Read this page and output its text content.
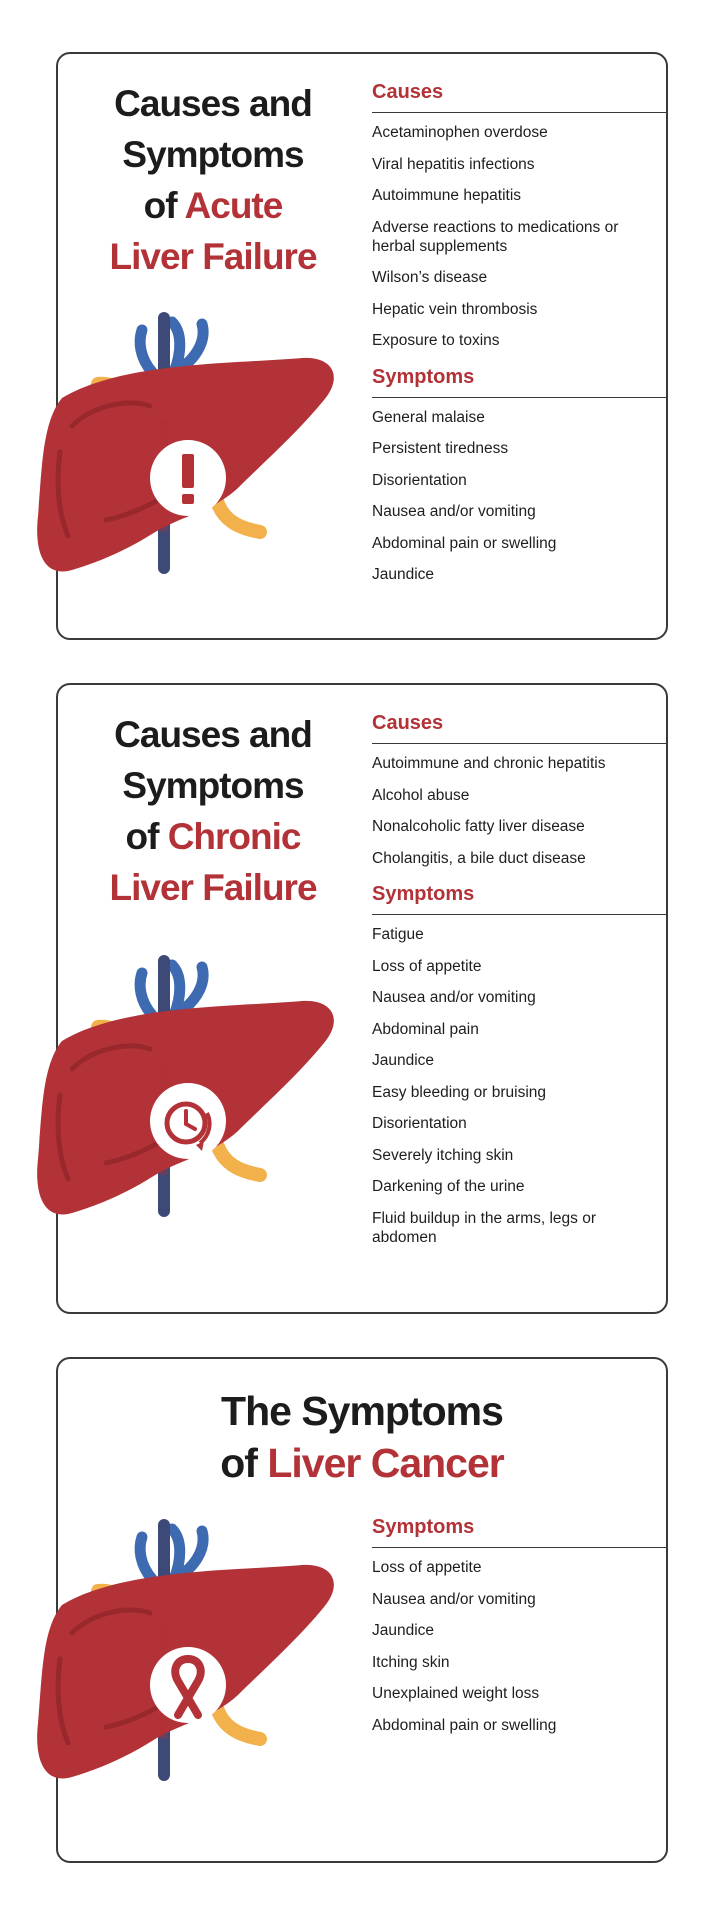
Causes and
Symptoms
of Acute
Liver Failure
Causes
Acetaminophen overdose
Viral hepatitis infections
Autoimmune hepatitis
Adverse reactions to medications or herbal supplements
Wilson’s disease
Hepatic vein thrombosis
Exposure to toxins
Symptoms
General malaise
Persistent tiredness
Disorientation
Nausea and/or vomiting
Abdominal pain or swelling
Jaundice
Causes and
Symptoms
of Chronic
Liver Failure
Causes
Autoimmune and chronic hepatitis
Alcohol abuse
Nonalcoholic fatty liver disease
Cholangitis, a bile duct disease
Symptoms
Fatigue
Loss of appetite
Nausea and/or vomiting
Abdominal pain
Jaundice
Easy bleeding or bruising
Disorientation
Severely itching skin
Darkening of the urine
Fluid buildup in the arms, legs or abdomen
The Symptoms
of Liver Cancer
Symptoms
Loss of appetite
Nausea and/or vomiting
Jaundice
Itching skin
Unexplained weight loss
Abdominal pain or swelling
